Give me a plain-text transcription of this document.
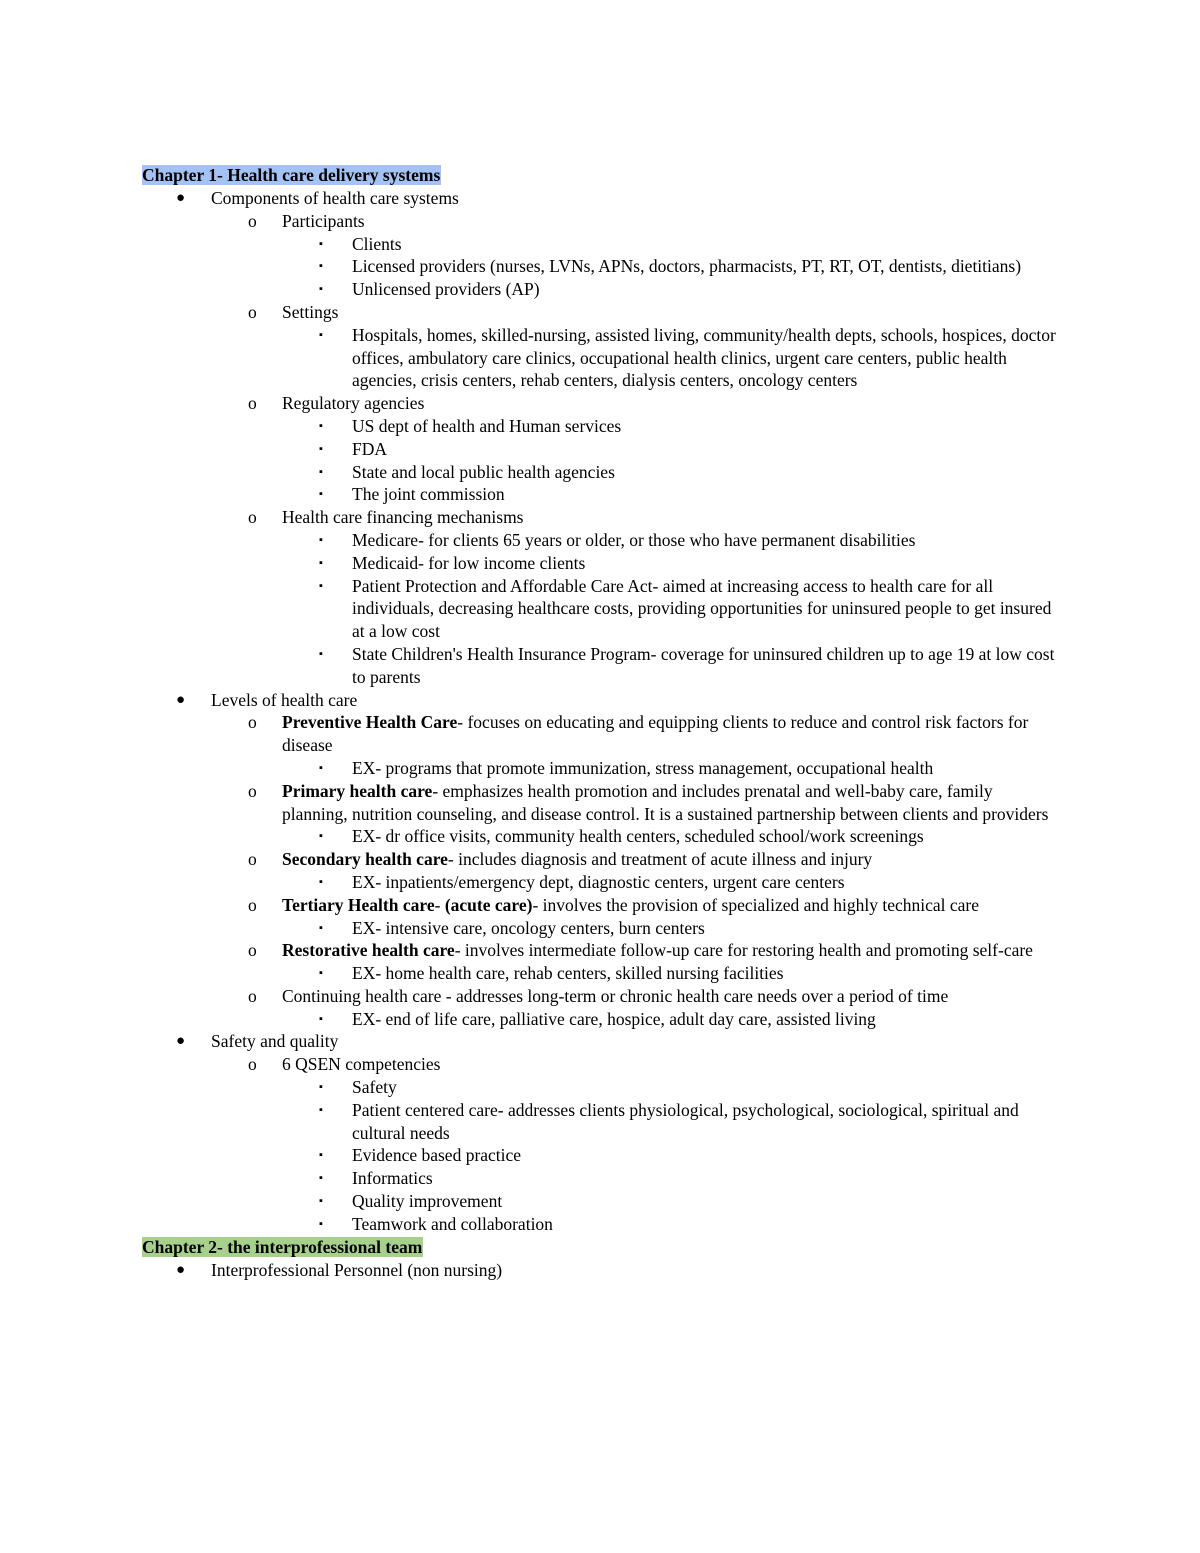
Chapter 1- Health care delivery systems
● Components of health care systems
o Participants
▪ Clients
▪ Licensed providers (nurses, LVNs, APNs, doctors, pharmacists, PT, RT, OT, dentists, dietitians)
▪ Unlicensed providers (AP)
o Settings
▪ Hospitals, homes, skilled-nursing, assisted living, community/health depts, schools, hospices, doctor offices, ambulatory care clinics, occupational health clinics, urgent care centers, public health agencies, crisis centers, rehab centers, dialysis centers, oncology centers
o Regulatory agencies
▪ US dept of health and Human services
▪ FDA
▪ State and local public health agencies
▪ The joint commission
o Health care financing mechanisms
▪ Medicare- for clients 65 years or older, or those who have permanent disabilities
▪ Medicaid- for low income clients
▪ Patient Protection and Affordable Care Act- aimed at increasing access to health care for all individuals, decreasing healthcare costs, providing opportunities for uninsured people to get insured at a low cost
▪ State Children's Health Insurance Program- coverage for uninsured children up to age 19 at low cost to parents
● Levels of health care
o Preventive Health Care- focuses on educating and equipping clients to reduce and control risk factors for disease
▪ EX- programs that promote immunization, stress management, occupational health
o Primary health care- emphasizes health promotion and includes prenatal and well-baby care, family planning, nutrition counseling, and disease control. It is a sustained partnership between clients and providers
▪ EX- dr office visits, community health centers, scheduled school/work screenings
o Secondary health care- includes diagnosis and treatment of acute illness and injury
▪ EX- inpatients/emergency dept, diagnostic centers, urgent care centers
o Tertiary Health care- (acute care)- involves the provision of specialized and highly technical care
▪ EX- intensive care, oncology centers, burn centers
o Restorative health care- involves intermediate follow-up care for restoring health and promoting self-care
▪ EX- home health care, rehab centers, skilled nursing facilities
o Continuing health care - addresses long-term or chronic health care needs over a period of time
▪ EX- end of life care, palliative care, hospice, adult day care, assisted living
● Safety and quality
o 6 QSEN competencies
▪ Safety
▪ Patient centered care- addresses clients physiological, psychological, sociological, spiritual and cultural needs
▪ Evidence based practice
▪ Informatics
▪ Quality improvement
▪ Teamwork and collaboration
Chapter 2- the interprofessional team
● Interprofessional Personnel (non nursing)
